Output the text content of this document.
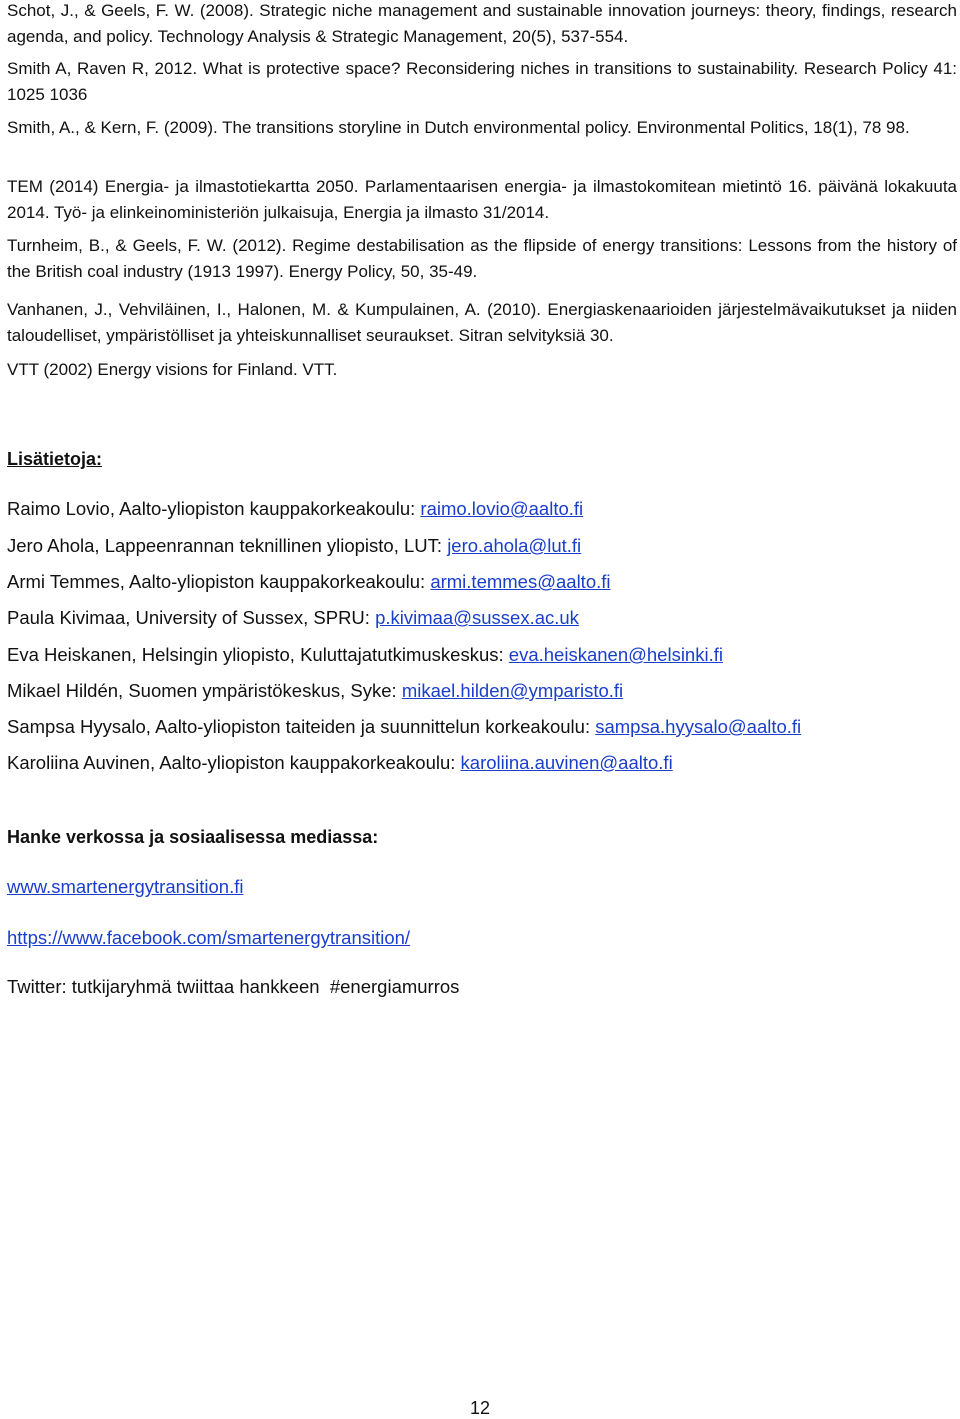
Schot, J., & Geels, F. W. (2008). Strategic niche management and sustainable innovation journeys: theory, findings, research agenda, and policy. Technology Analysis & Strategic Management, 20(5), 537-554.

Smith A, Raven R, 2012. What is protective space? Reconsidering niches in transitions to sustainability. Research Policy 41: 1025 1036

Smith, A., & Kern, F. (2009). The transitions storyline in Dutch environmental policy. Environmental Politics, 18(1), 78 98.

TEM (2014) Energia- ja ilmastotiekartta 2050. Parlamentaarisen energia- ja ilmastokomitean mietintö 16. päivänä lokakuuta 2014. Työ- ja elinkeinoministeriön julkaisuja, Energia ja ilmasto 31/2014.

Turnheim, B., & Geels, F. W. (2012). Regime destabilisation as the flipside of energy transitions: Lessons from the history of the British coal industry (1913 1997). Energy Policy, 50, 35-49.

Vanhanen, J., Vehviläinen, I., Halonen, M. & Kumpulainen, A. (2010). Energiaskenaarioiden järjestelmävaikutukset ja niiden taloudelliset, ympäristölliset ja yhteiskunnalliset seuraukset. Sitran selvityksiä 30.

VTT (2002) Energy visions for Finland. VTT.

Lisätietoja:

Raimo Lovio, Aalto-yliopiston kauppakorkeakoulu: raimo.lovio@aalto.fi

Jero Ahola, Lappeenrannan teknillinen yliopisto, LUT: jero.ahola@lut.fi

Armi Temmes, Aalto-yliopiston kauppakorkeakoulu: armi.temmes@aalto.fi

Paula Kivimaa, University of Sussex, SPRU: p.kivimaa@sussex.ac.uk

Eva Heiskanen, Helsingin yliopisto, Kuluttajatutkimuskeskus: eva.heiskanen@helsinki.fi

Mikael Hildén, Suomen ympäristökeskus, Syke: mikael.hilden@ymparisto.fi

Sampsa Hyysalo, Aalto-yliopiston taiteiden ja suunnittelun korkeakoulu: sampsa.hyysalo@aalto.fi

Karoliina Auvinen, Aalto-yliopiston kauppakorkeakoulu: karoliina.auvinen@aalto.fi

Hanke verkossa ja sosiaalisessa mediassa:

www.smartenergytransition.fi

https://www.facebook.com/smartenergytransition/

Twitter: tutkijaryhmä twiittaa hankkeen  #energiamurros

12
